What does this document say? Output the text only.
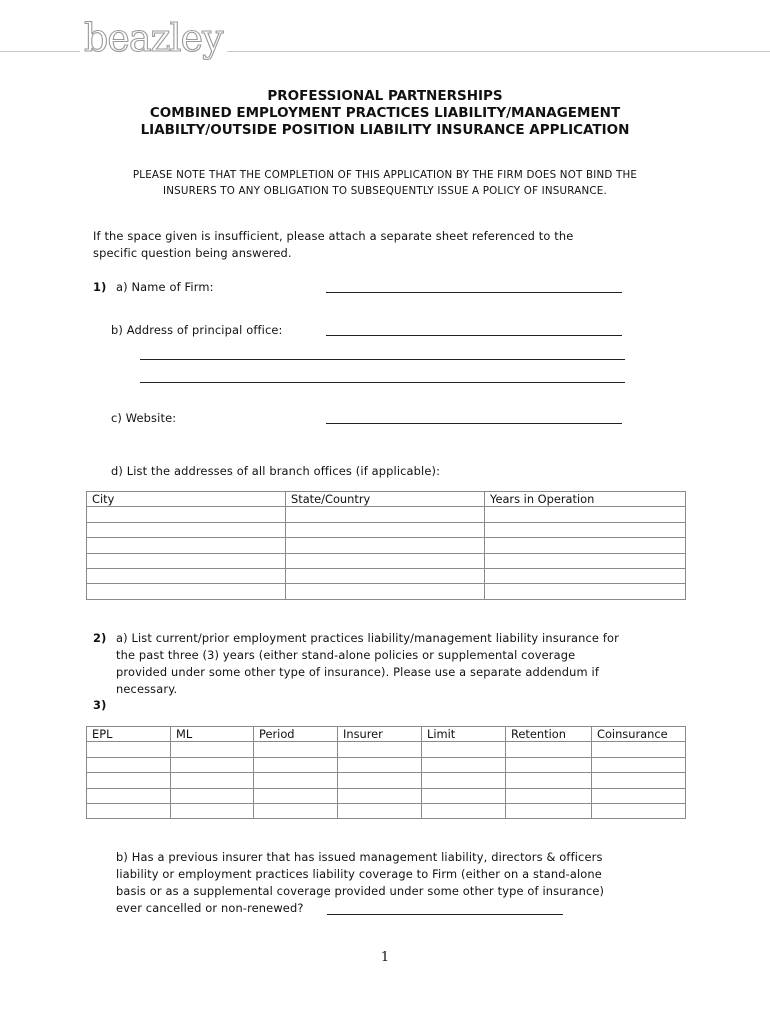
beazley
PROFESSIONAL PARTNERSHIPS
COMBINED EMPLOYMENT PRACTICES LIABILITY/MANAGEMENT
LIABILTY/OUTSIDE POSITION LIABILITY INSURANCE APPLICATION
PLEASE NOTE THAT THE COMPLETION OF THIS APPLICATION BY THE FIRM DOES NOT BIND THE
INSURERS TO ANY OBLIGATION TO SUBSEQUENTLY ISSUE A POLICY OF INSURANCE.
If the space given is insufficient, please attach a separate sheet referenced to the
specific question being answered.
1) a) Name of Firm:
b) Address of principal office:
c) Website:
d) List the addresses of all branch offices (if applicable):
City	State/Country	Years in Operation

2) a) List current/prior employment practices liability/management liability insurance for
the past three (3) years (either stand-alone policies or supplemental coverage
provided under some other type of insurance). Please use a separate addendum if
necessary.
3)
EPL	ML	Period	Insurer	Limit	Retention	Coinsurance

b) Has a previous insurer that has issued management liability, directors & officers
liability or employment practices liability coverage to Firm (either on a stand-alone
basis or as a supplemental coverage provided under some other type of insurance)
ever cancelled or non-renewed?
1
